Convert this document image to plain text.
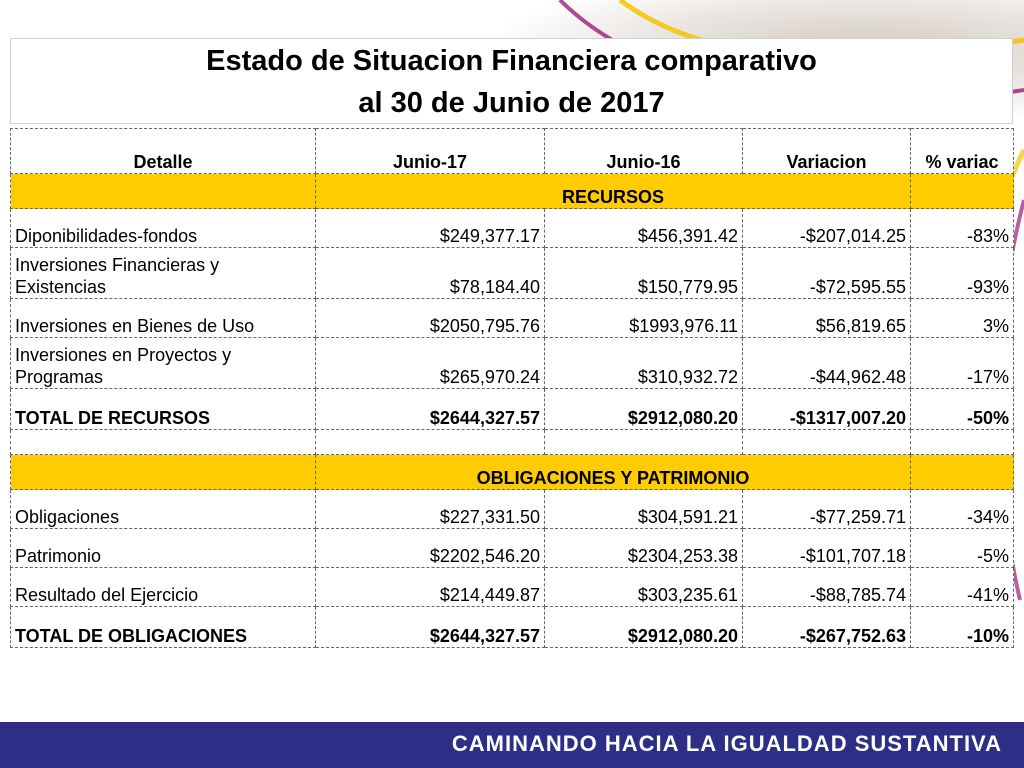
Estado de Situacion Financiera comparativo
al 30 de Junio de 2017
Detalle	Junio-17	Junio-16	Variacion	% variac
	RECURSOS			
Diponibilidades-fondos	$249,377.17	$456,391.42	-$207,014.25	-83%

Inversiones Financieras y
Existencias	$78,184.40	$150,779.95	-$72,595.55	-93%
Inversiones en Bienes de Uso	$2050,795.76	$1993,976.11	$56,819.65	3%

Inversiones en Proyectos y
Programas	$265,970.24	$310,932.72	-$44,962.48	-17%
TOTAL DE RECURSOS	$2644,327.57	$2912,080.20	-$1317,007.20	-50%

	OBLIGACIONES Y PATRIMONIO			
Obligaciones	$227,331.50	$304,591.21	-$77,259.71	-34%
Patrimonio	$2202,546.20	$2304,253.38	-$101,707.18	-5%
Resultado del Ejercicio	$214,449.87	$303,235.61	-$88,785.74	-41%
TOTAL DE OBLIGACIONES	$2644,327.57	$2912,080.20	-$267,752.63	-10%
CAMINANDO HACIA LA IGUALDAD SUSTANTIVA
